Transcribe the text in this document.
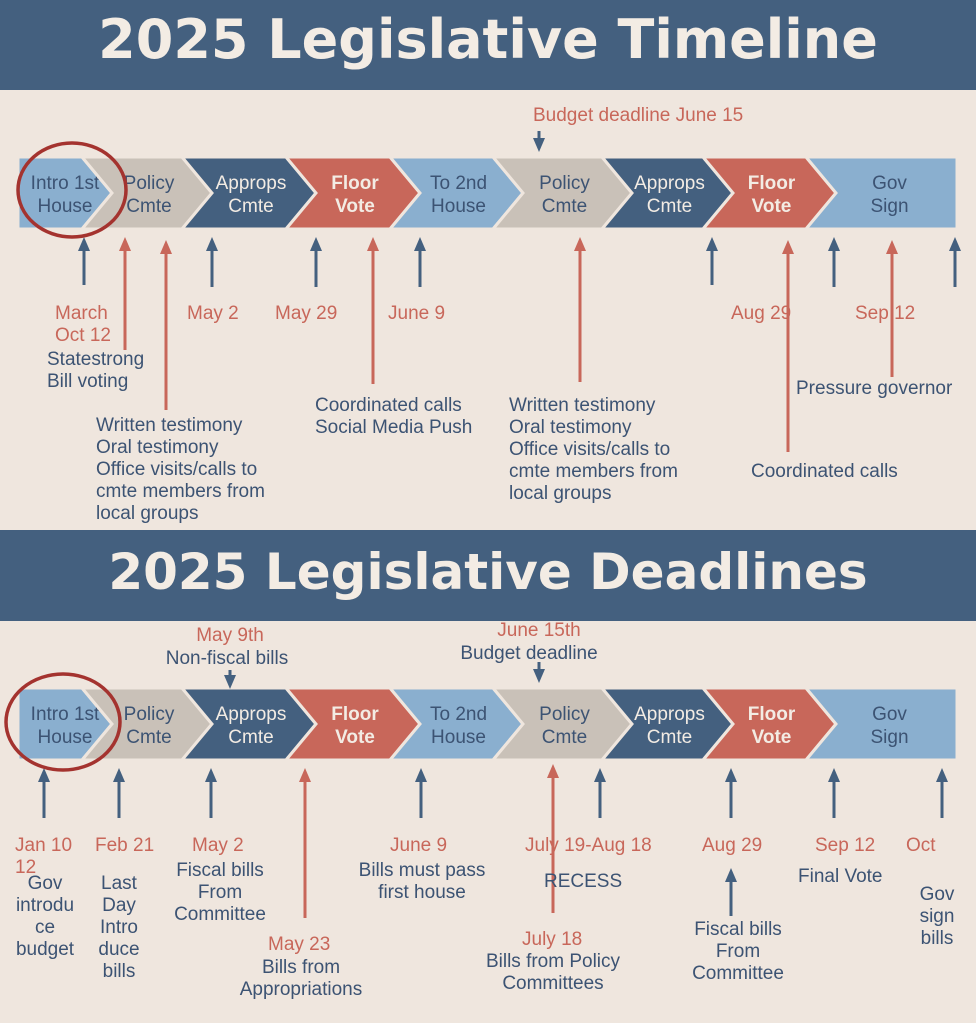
2025 Legislative Timeline
2025 Legislative Deadlines
Intro 1st
House
Policy
Cmte
Approps
Cmte
Floor
Vote
To 2nd
House
Policy
Cmte
Approps
Cmte
Floor
Vote
Gov
Sign
Intro 1st
House
Policy
Cmte
Approps
Cmte
Floor
Vote
To 2nd
House
Policy
Cmte
Approps
Cmte
Floor
Vote
Gov
Sign
Budget deadline June 15
March
Oct 12
May 2 May 29	June 9	Aug 29	Sep 12
Statestrong
Bill voting
Written testimony
Oral testimony
Office visits/calls to
cmte members from
local groups
Coordinated calls
Social Media Push
Written testimony
Oral testimony
Office visits/calls to
cmte members from
local groups
Pressure governor
Coordinated calls
May 9th
Non-fiscal bills
June 15th
Budget deadline
Jan 10
12
Feb 21 May 2	June 9	July 19-Aug 18	Aug 29	Sep 12 Oct
Gov
introdu
ce
budget
Last
Day
Intro
duce
bills
Fiscal bills
From
Committee
Bills must pass
first house
RECESS	Final Vote
Gov
sign
bills
May 23
Bills from
Appropriations
July 18
Bills from Policy
Committees
Fiscal bills
From
Committee
